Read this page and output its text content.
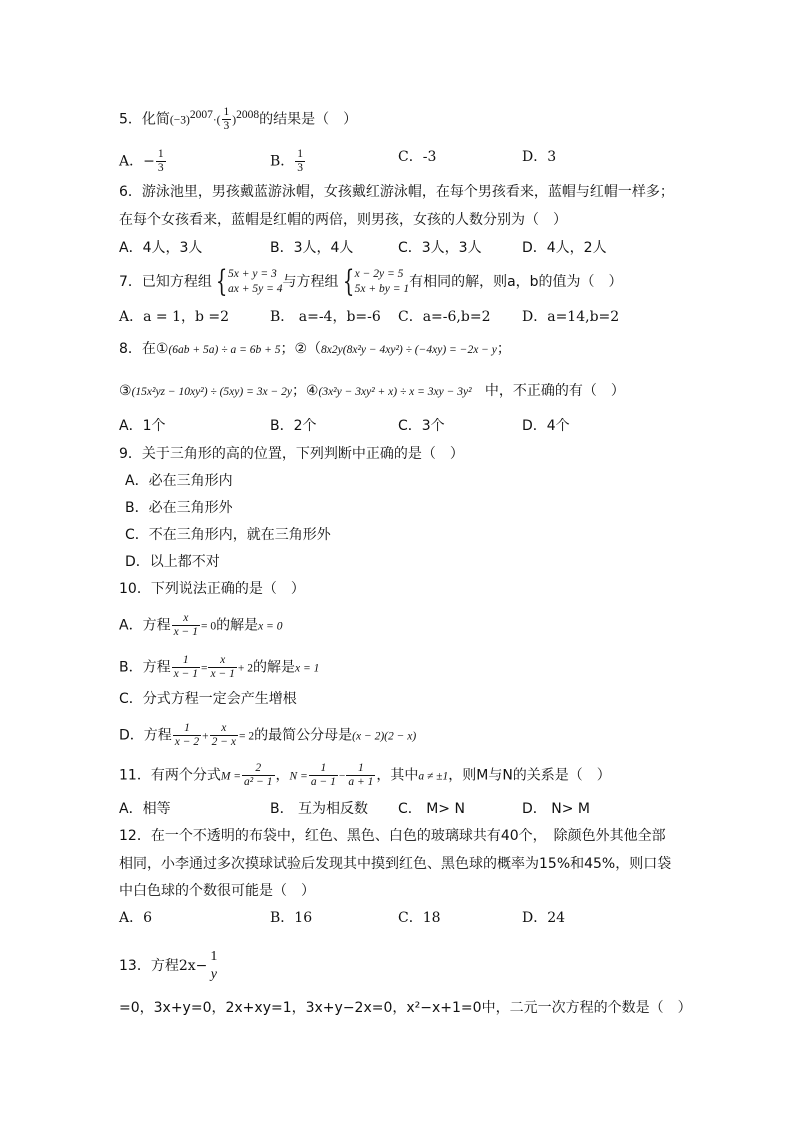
5．化简$(-3)^{2007}\cdot( \frac{1}{3} )^{2008}$的结果是（　）
A．− $\frac{1}{3}$	B． $\frac{1}{3}$	C．-3	D．3
6．游泳池里，男孩戴蓝游泳帽，女孩戴红游泳帽，在每个男孩看来，蓝帽与红帽一样多；
在每个女孩看来，蓝帽是红帽的两倍，则男孩，女孩的人数分别为（　）
A．4人，3人	B．3人，4人	C．3人，3人	D．4人，2人
7．已知方程组 {5x + y = 3
ax + 5y = 4与方程组 {x − 2y = 5
5x + by = 1有相同的解，则a，b的值为（　）
A．a = 1，b =2	B． a=-4，b=-6 C．a=-6,b=2 D．a=14,b=2
8．在①(6ab + 5a) ÷ a = 6b + 5；②（8x2y(8x²y − 4xy²) ÷ (−4xy) = −2x − y；
③(15x²yz − 10xy²) ÷ (5xy) = 3x − 2y；④(3x²y − 3xy² + x) ÷ x = 3xy − 3y² 中，不正确的有（　）
A．1个	B．2个	C．3个	D．4个
9．关于三角形的高的位置，下列判断中正确的是（　）
A．必在三角形内
B．必在三角形外
C．不在三角形内，就在三角形外
D．以上都不对
10．下列说法正确的是（　）
A．方程 $\frac{x}{x - 1} = 0$的解是x = 0
B．方程 $\frac{1}{x - 1} = \frac{x}{x - 1} + 2$的解是x = 1
C．分式方程一定会产生增根
D．方程 $\frac{1}{x - 2} + \frac{x}{2 - x} = 2$的最简公分母是(x − 2)(2 − x)
11．有两个分式$M = \frac{2}{\text{a² − 1}}$ ，$N = \frac{1}{a - 1} - \frac{1}{a + 1}$ ，其中a ≠ ±1，则M与N的关系是（　）
A．相等	B． 互为相反数 C． M> N	D． N> M
12．在一个不透明的布袋中，红色、黑色、白色的玻璃球共有40个，　除颜色外其他全部
相同，小李通过多次摸球试验后发现其中摸到红色、黑色球的概率为15%和45%，则口袋
中白色球的个数很可能是（　）
A．6	B．16	C．18	D．24
13．方程2x−
1
y
=0，3x+y=0，2x+xy=1，3x+y−2x=0，x²−x+1=0中，二元一次方程的个数是（　）
